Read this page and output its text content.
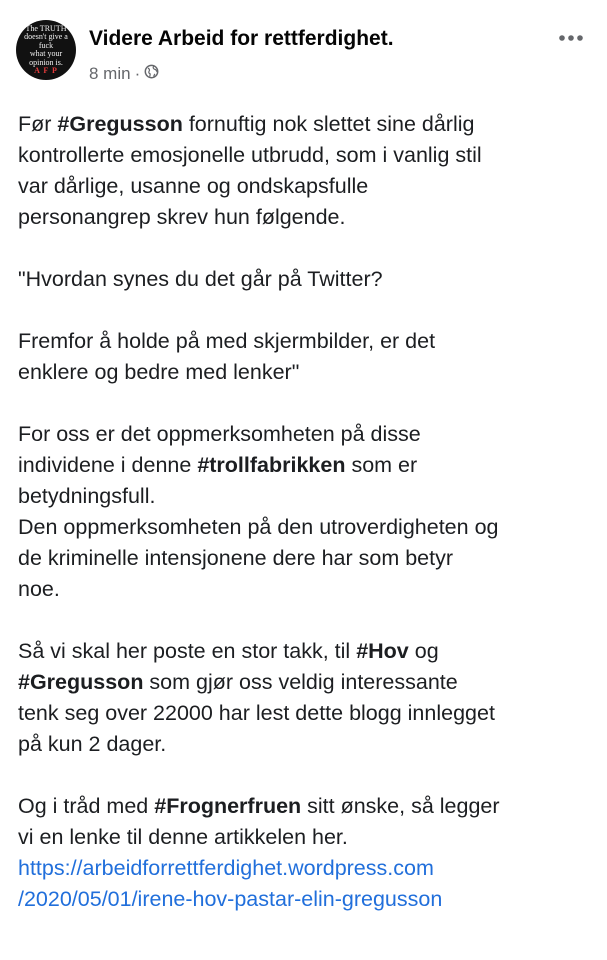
The TRUTH
doesn't give a
fuck
what your
opinion is.
A F P
Videre Arbeid for rettferdighet.
8 min ·

Før #Gregusson fornuftig nok slettet sine dårlig
kontrollerte emosjonelle utbrudd, som i vanlig stil
var dårlige, usanne og ondskapsfulle
personangrep skrev hun følgende.

"Hvordan synes du det går på Twitter?

Fremfor å holde på med skjermbilder, er det
enklere og bedre med lenker"

For oss er det oppmerksomheten på disse
individene i denne #trollfabrikken som er
betydningsfull.
Den oppmerksomheten på den utroverdigheten og
de kriminelle intensjonene dere har som betyr
noe.

Så vi skal her poste en stor takk, til #Hov og
#Gregusson som gjør oss veldig interessante
tenk seg over 22000 har lest dette blogg innlegget
på kun 2 dager.

Og i tråd med #Frognerfruen sitt ønske, så legger
vi en lenke til denne artikkelen her.

https://arbeidforrettferdighet.wordpress.com
/2020/05/01/irene-hov-pastar-elin-gregusson
